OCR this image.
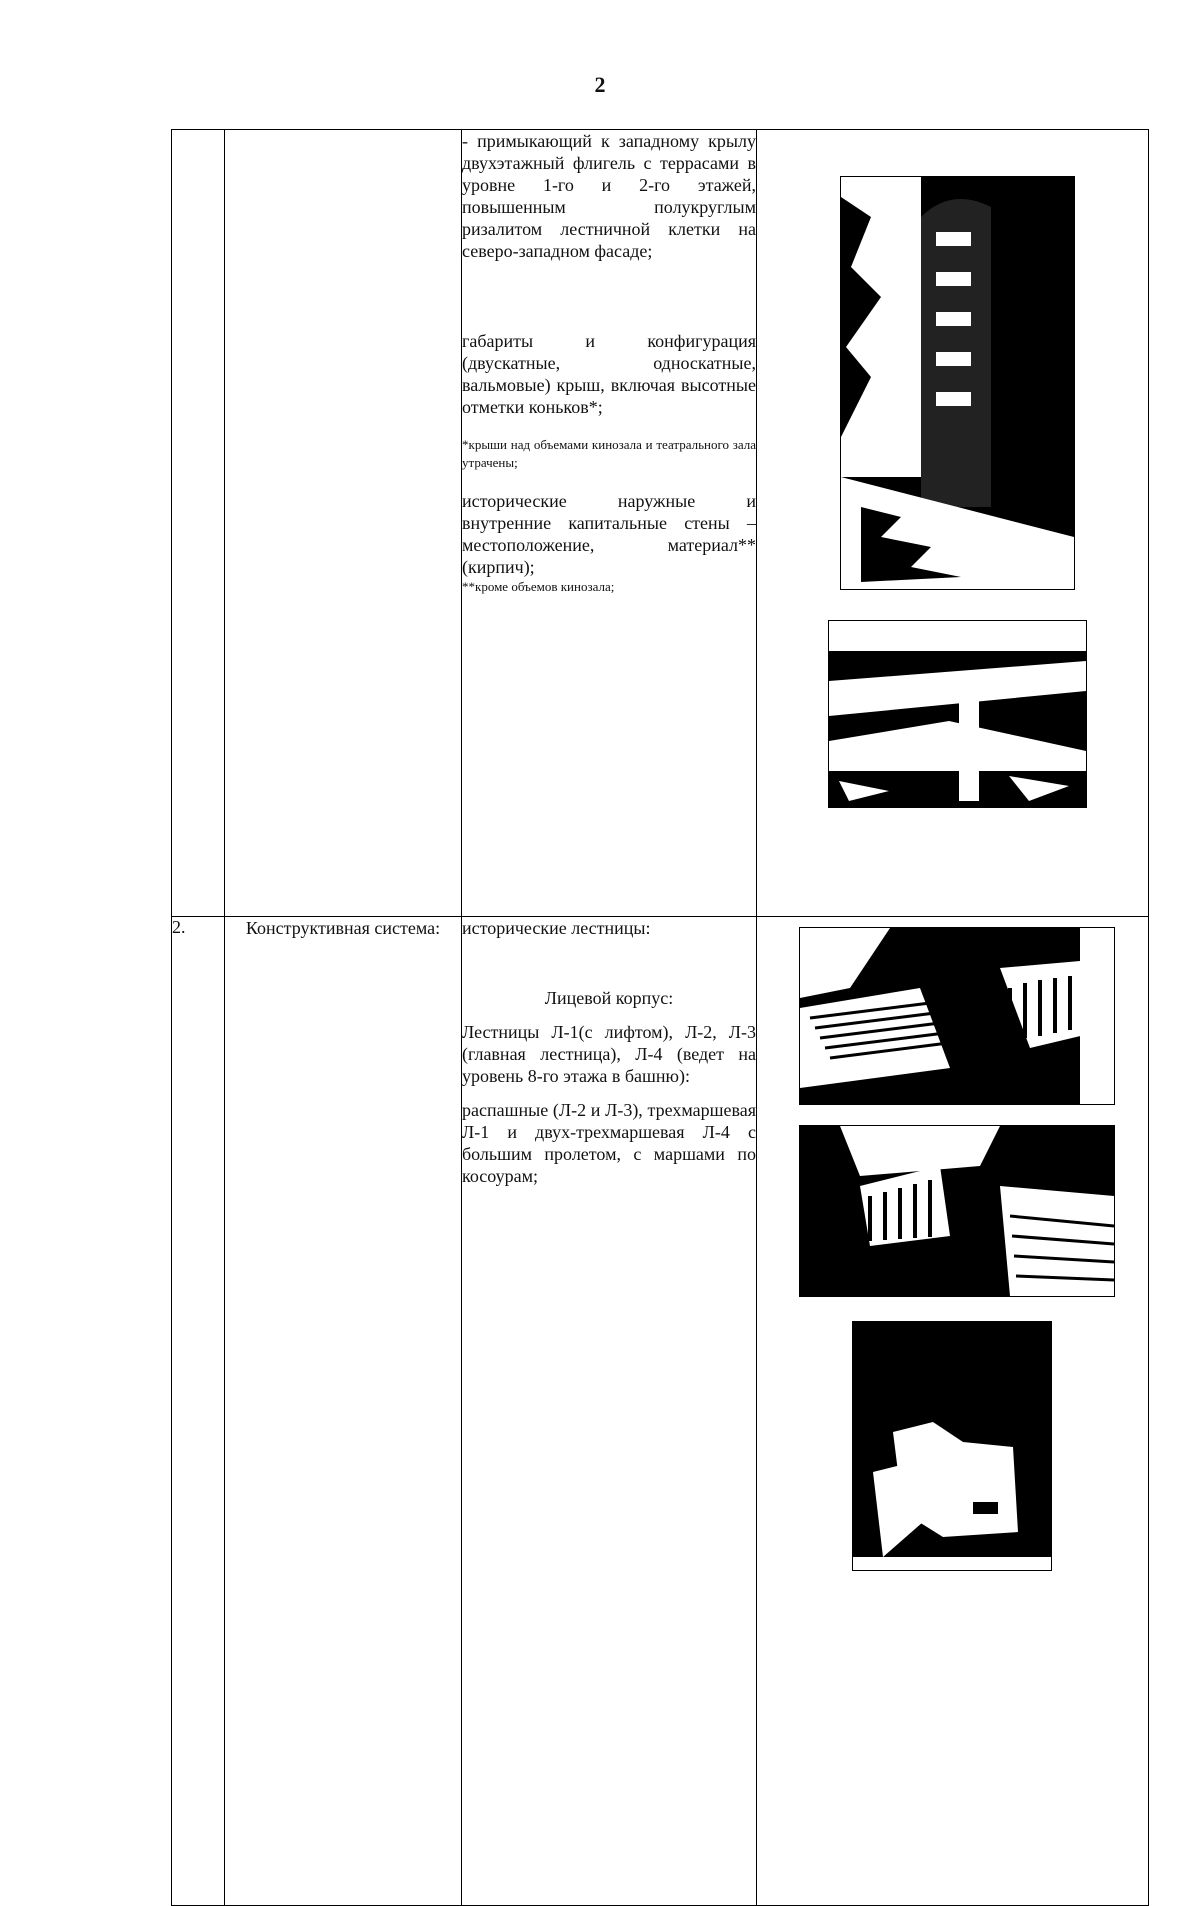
2

		- примыкающий к западному крылу двухэтажный флигель с террасами в уровне 1-го и 2-го этажей, повышенным полукруглым ризалитом лестничной клетки на северо-западном фасаде;

габариты и конфигурация (двускатные, односкатные, вальмовые) крыш, включая высотные отметки коньков*;

*крыши над объемами кинозала и театрального зала утрачены;

исторические наружные и внутренние капитальные стены – местоположение, материал** (кирпич);

**кроме объемов кинозала;

2.	Конструктивная система:	исторические лестницы:

Лицевой корпус:

Лестницы Л-1(с лифтом), Л-2, Л-3 (главная лестница), Л-4 (ведет на уровень 8-го этажа в башню):

распашные (Л-2 и Л-3), трехмаршевая Л-1 и двух-трехмаршевая Л-4 с большим пролетом, с маршами по косоурам;
